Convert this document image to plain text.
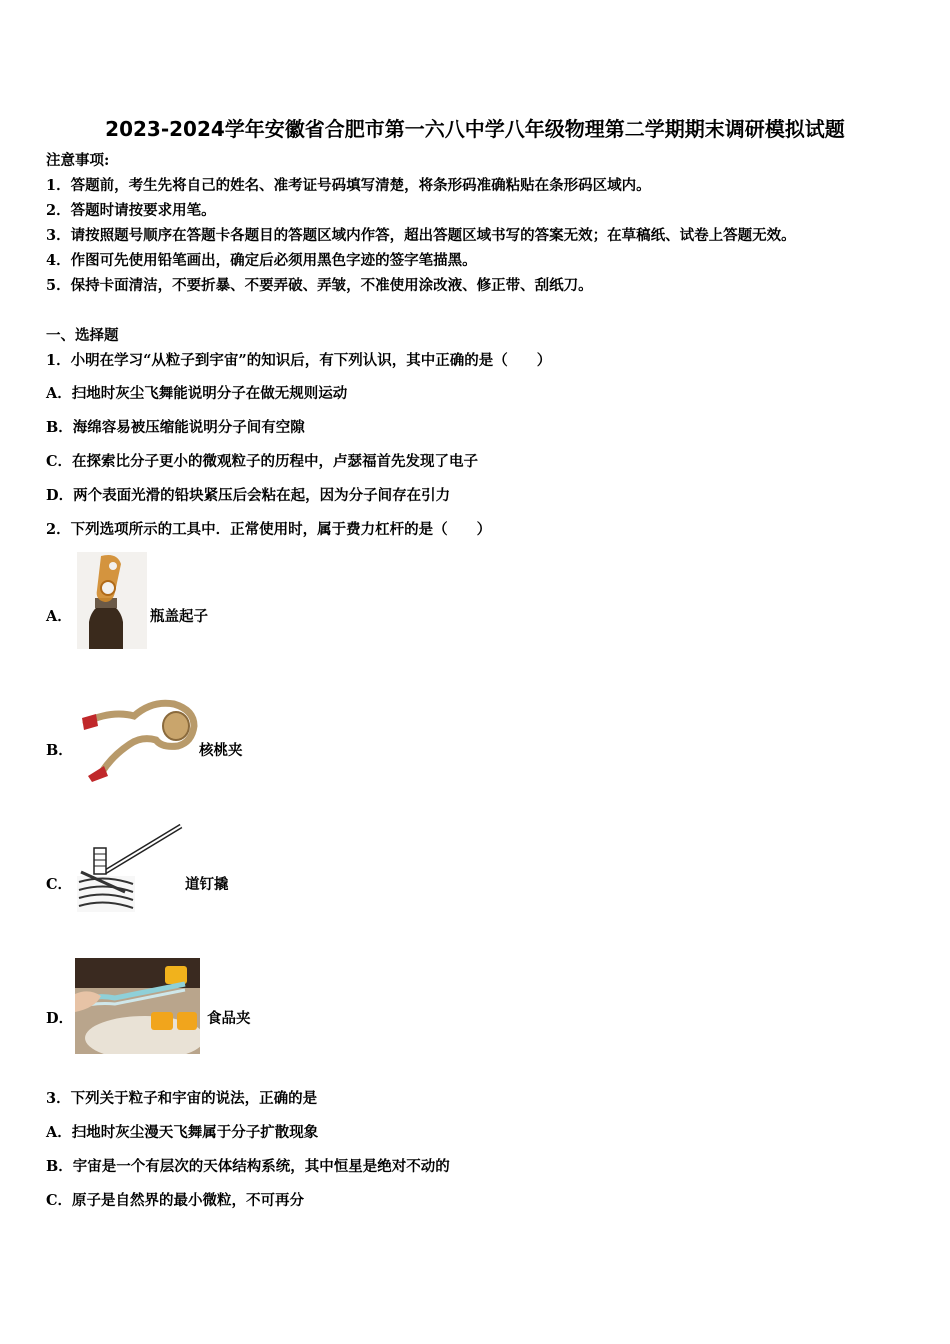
2023-2024学年安徽省合肥市第一六八中学八年级物理第二学期期末调研模拟试题
注意事项:
1．答题前，考生先将自己的姓名、准考证号码填写清楚，将条形码准确粘贴在条形码区域内。
2．答题时请按要求用笔。
3．请按照题号顺序在答题卡各题目的答题区域内作答，超出答题区域书写的答案无效；在草稿纸、试卷上答题无效。
4．作图可先使用铅笔画出，确定后必须用黑色字迹的签字笔描黑。
5．保持卡面清洁，不要折暴、不要弄破、弄皱，不准使用涂改液、修正带、刮纸刀。
一、选择题
1．小明在学习“从粒子到宇宙”的知识后，有下列认识，其中正确的是（　　）
A．扫地时灰尘飞舞能说明分子在做无规则运动
B．海绵容易被压缩能说明分子间有空隙
C．在探索比分子更小的微观粒子的历程中，卢瑟福首先发现了电子
D．两个表面光滑的铅块紧压后会粘在起，因为分子间存在引力
2．下列选项所示的工具中．正常使用时，属于费力杠杆的是（　　）
A．	瓶盖起子
B．	核桃夹
C．	道钉撬
D．	食品夹
3．下列关于粒子和宇宙的说法，正确的是
A．扫地时灰尘漫天飞舞属于分子扩散现象
B．宇宙是一个有层次的天体结构系统，其中恒星是绝对不动的
C．原子是自然界的最小微粒，不可再分
